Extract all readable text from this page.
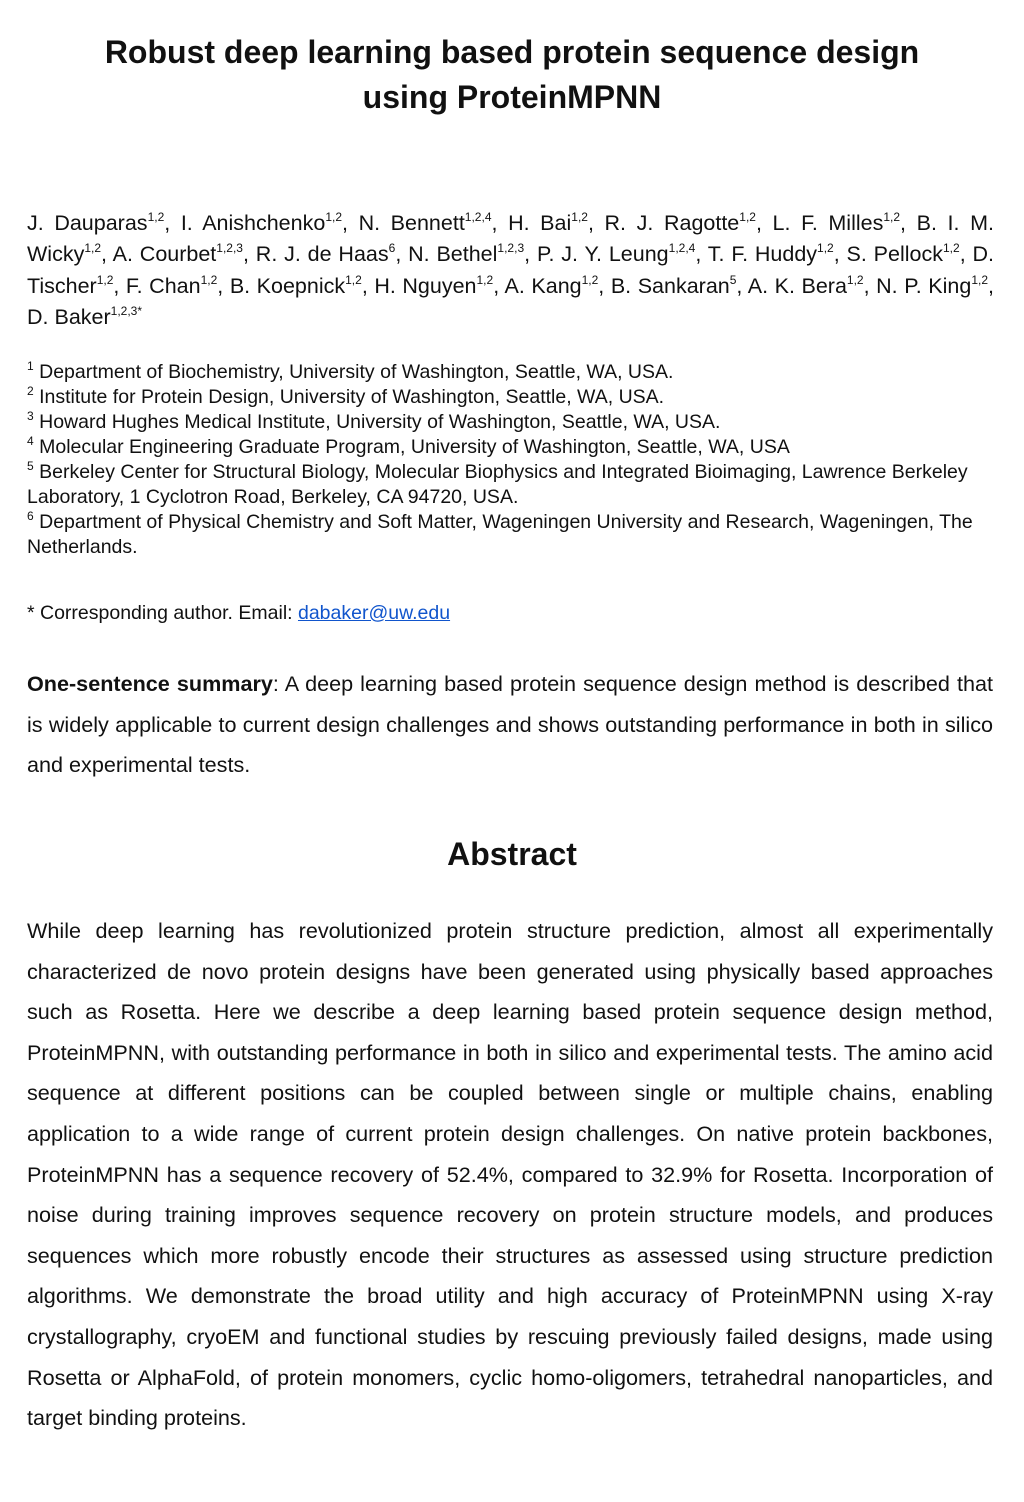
Robust deep learning based protein sequence design
using ProteinMPNN

J. Dauparas$^{1,2}$, I. Anishchenko$^{1,2}$, N. Bennett$^{1,2,4}$, H. Bai$^{1,2}$, R. J. Ragotte$^{1,2}$, L. F. Milles$^{1,2}$, B. I. M. Wicky$^{1,2}$, A. Courbet$^{1,2,3}$, R. J. de Haas$^6$, N. Bethel$^{1,2,3}$, P. J. Y. Leung$^{1,2,4}$, T. F. Huddy$^{1,2}$, S. Pellock$^{1,2}$, D. Tischer$^{1,2}$, F. Chan$^{1,2}$, B. Koepnick$^{1,2}$, H. Nguyen$^{1,2}$, A. Kang$^{1,2}$, B. Sankaran$^5$, A. K. Bera$^{1,2}$, N. P. King$^{1,2}$, D. Baker$^{1,2,3*}$

$^1$ Department of Biochemistry, University of Washington, Seattle, WA, USA.
$^2$ Institute for Protein Design, University of Washington, Seattle, WA, USA.
$^3$ Howard Hughes Medical Institute, University of Washington, Seattle, WA, USA.
$^4$ Molecular Engineering Graduate Program, University of Washington, Seattle, WA, USA
$^5$ Berkeley Center for Structural Biology, Molecular Biophysics and Integrated Bioimaging, Lawrence Berkeley Laboratory, 1 Cyclotron Road, Berkeley, CA 94720, USA.
$^6$ Department of Physical Chemistry and Soft Matter, Wageningen University and Research, Wageningen, The Netherlands.

* Corresponding author. Email: dabaker@uw.edu

One-sentence summary: A deep learning based protein sequence design method is described that is widely applicable to current design challenges and shows outstanding performance in both in silico and experimental tests.

Abstract

While deep learning has revolutionized protein structure prediction, almost all experimentally characterized de novo protein designs have been generated using physically based approaches such as Rosetta. Here we describe a deep learning based protein sequence design method, ProteinMPNN, with outstanding performance in both in silico and experimental tests. The amino acid sequence at different positions can be coupled between single or multiple chains, enabling application to a wide range of current protein design challenges. On native protein backbones, ProteinMPNN has a sequence recovery of 52.4%, compared to 32.9% for Rosetta. Incorporation of noise during training improves sequence recovery on protein structure models, and produces sequences which more robustly encode their structures as assessed using structure prediction algorithms. We demonstrate the broad utility and high accuracy of ProteinMPNN using X-ray crystallography, cryoEM and functional studies by rescuing previously failed designs, made using Rosetta or AlphaFold, of protein monomers, cyclic homo-oligomers, tetrahedral nanoparticles, and target binding proteins.
